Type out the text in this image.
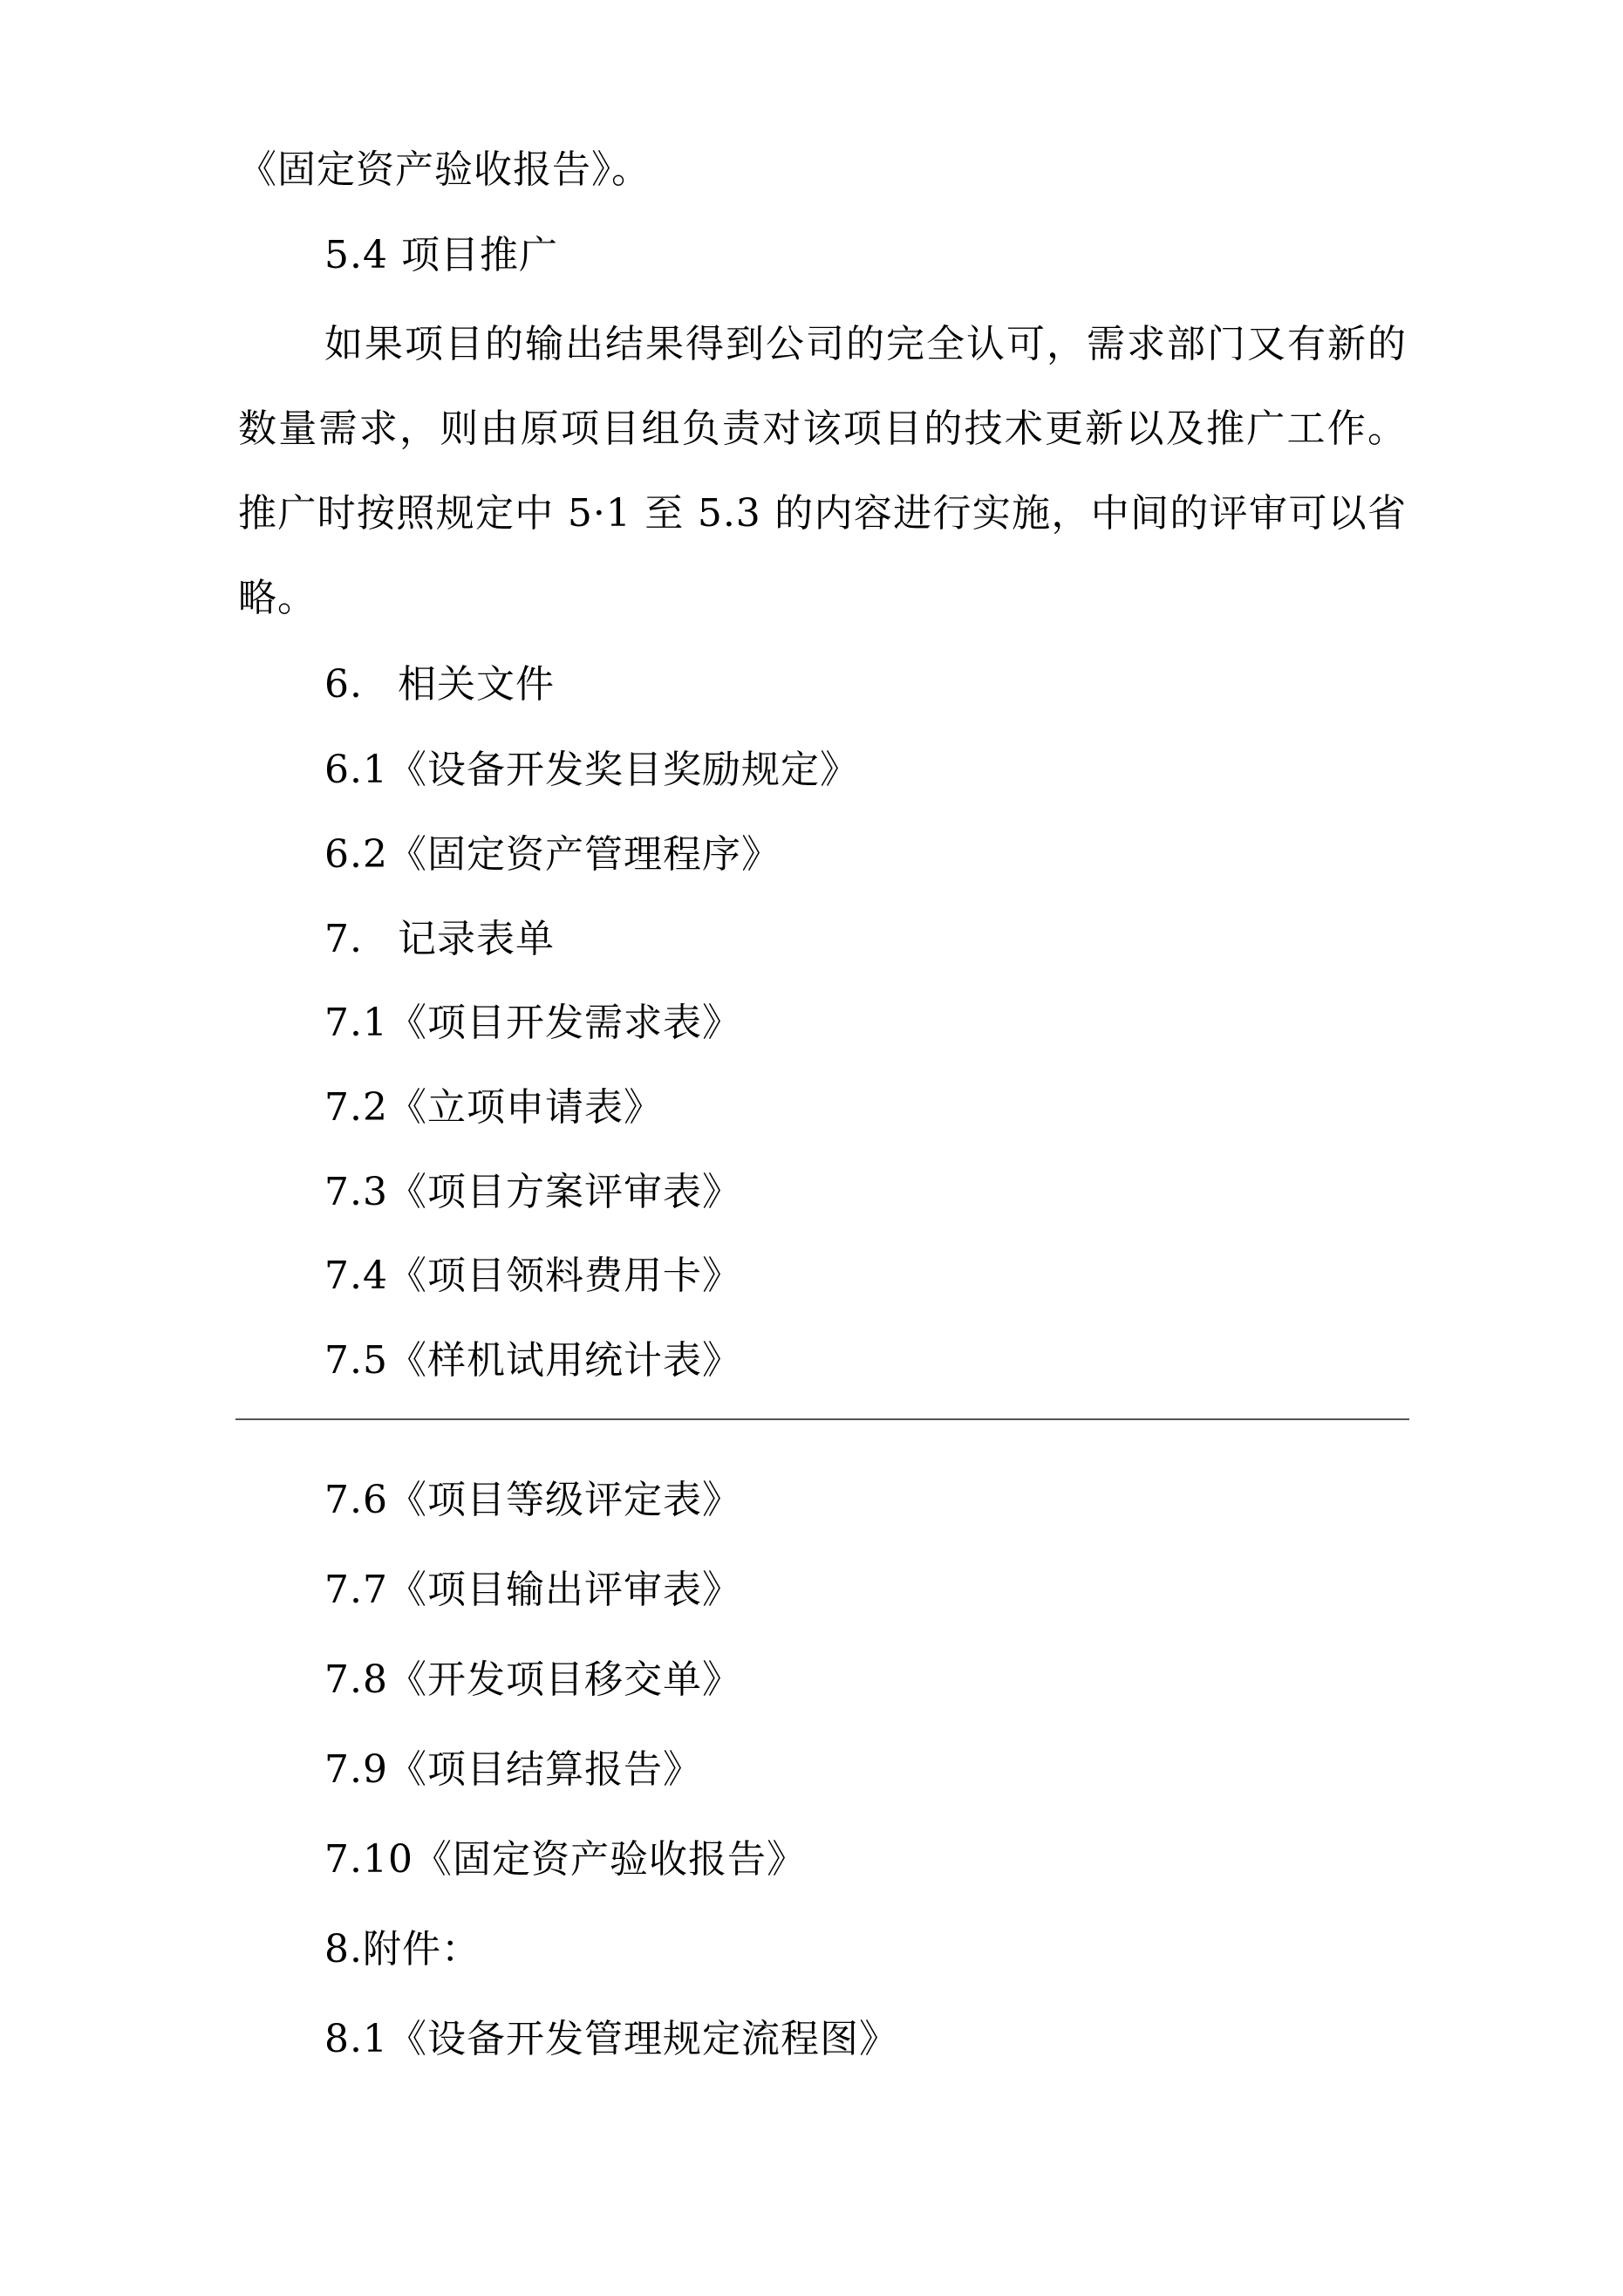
《固定资产验收报告》。
5.4 项目推广
如果项目的输出结果得到公司的完全认可，需求部门又有新的数量需求，则由原项目组负责对该项目的技术更新以及推广工作。推广时按照规定中 5·1 至 5.3 的内容进行实施，中间的评审可以省略。
6. 相关文件
6.1《设备开发奖目奖励规定》
6.2《固定资产管理程序》
7. 记录表单
7.1《项目开发需求表》
7.2《立项申请表》
7.3《项目方案评审表》
7.4《项目领料费用卡》
7.5《样机试用统计表》
7.6《项目等级评定表》
7.7《项目输出评审表》
7.8《开发项目移交单》
7.9《项目结算报告》
7.10《固定资产验收报告》
8.附件：
8.1《设备开发管理规定流程图》
